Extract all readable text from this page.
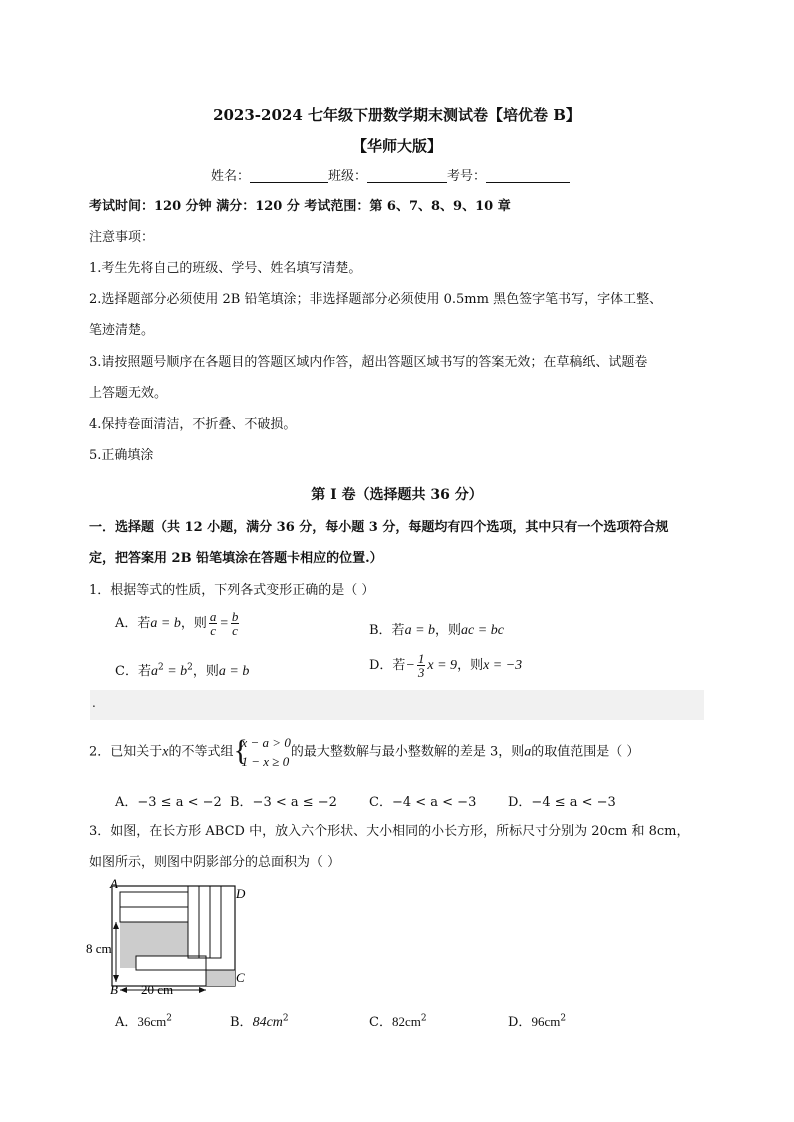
2023-2024 七年级下册数学期末测试卷【培优卷 B】
【华师大版】
姓名：	班级：	考号：
考试时间：120 分钟 满分：120 分 考试范围：第 6、7、8、9、10 章
注意事项：
1.考生先将自己的班级、学号、姓名填写清楚。
2.选择题部分必须使用 2B 铅笔填涂；非选择题部分必须使用 0.5mm 黑色签字笔书写，字体工整、
笔迹清楚。
3.请按照题号顺序在各题目的答题区域内作答，超出答题区域书写的答案无效；在草稿纸、试题卷
上答题无效。
4.保持卷面清洁，不折叠、不破损。
5.正确填涂
第 I 卷（选择题共 36 分）
一．选择题（共 12 小题，满分 36 分，每小题 3 分，每题均有四个选项，其中只有一个选项符合规
定，把答案用 2B 铅笔填涂在答题卡相应的位置.）
1．根据等式的性质，下列各式变形正确的是（ ）
A．若a = b，则 $\frac{a}{c} = \frac{b}{c}$	B．若a = b，则ac = bc
C．若$a^2 = b^2$，则a = b	D．若− $\frac{1}{3}$ x = 9，则x = −3
.
2．已知关于x的不等式组 {
x − a > 0
1 − x ≥ 0
的最大整数解与最小整数解的差是 3，则a的取值范围是（ ）
A．−3 ≤ a < −2 B．−3 < a ≤ −2 C．−4 < a < −3 D．−4 ≤ a < −3
3．如图，在长方形 ABCD 中，放入六个形状、大小相同的小长方形，所标尺寸分别为 20cm 和 8cm，
如图所示，则图中阴影部分的总面积为（ ）
A
D
B
C
8 cm
20 cm
A．$36cm^2$	B．$84cm^2$	C．$82cm^2$	D．$96cm^2$
